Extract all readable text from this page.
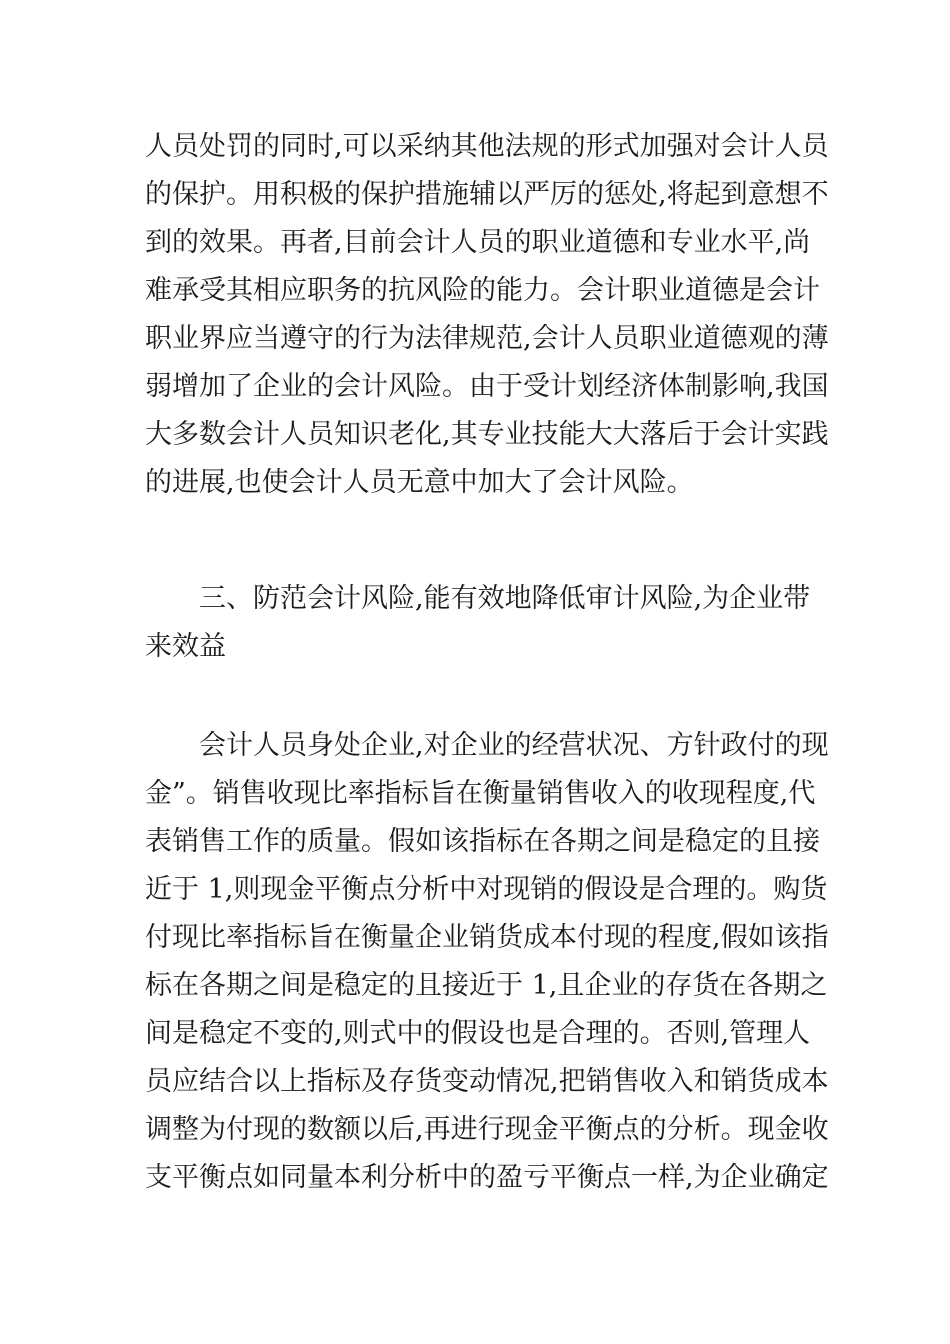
人员处罚的同时,可以采纳其他法规的形式加强对会计人员
的保护。用积极的保护措施辅以严厉的惩处,将起到意想不
到的效果。再者,目前会计人员的职业道德和专业水平,尚
难承受其相应职务的抗风险的能力。会计职业道德是会计
职业界应当遵守的行为法律规范,会计人员职业道德观的薄
弱增加了企业的会计风险。由于受计划经济体制影响,我国
大多数会计人员知识老化,其专业技能大大落后于会计实践
的进展,也使会计人员无意中加大了会计风险。
三、防范会计风险,能有效地降低审计风险,为企业带
来效益
会计人员身处企业,对企业的经营状况、方针政付的现
金”。销售收现比率指标旨在衡量销售收入的收现程度,代
表销售工作的质量。假如该指标在各期之间是稳定的且接
近于 1,则现金平衡点分析中对现销的假设是合理的。购货
付现比率指标旨在衡量企业销货成本付现的程度,假如该指
标在各期之间是稳定的且接近于 1,且企业的存货在各期之
间是稳定不变的,则式中的假设也是合理的。否则,管理人
员应结合以上指标及存货变动情况,把销售收入和销货成本
调整为付现的数额以后,再进行现金平衡点的分析。现金收
支平衡点如同量本利分析中的盈亏平衡点一样,为企业确定
